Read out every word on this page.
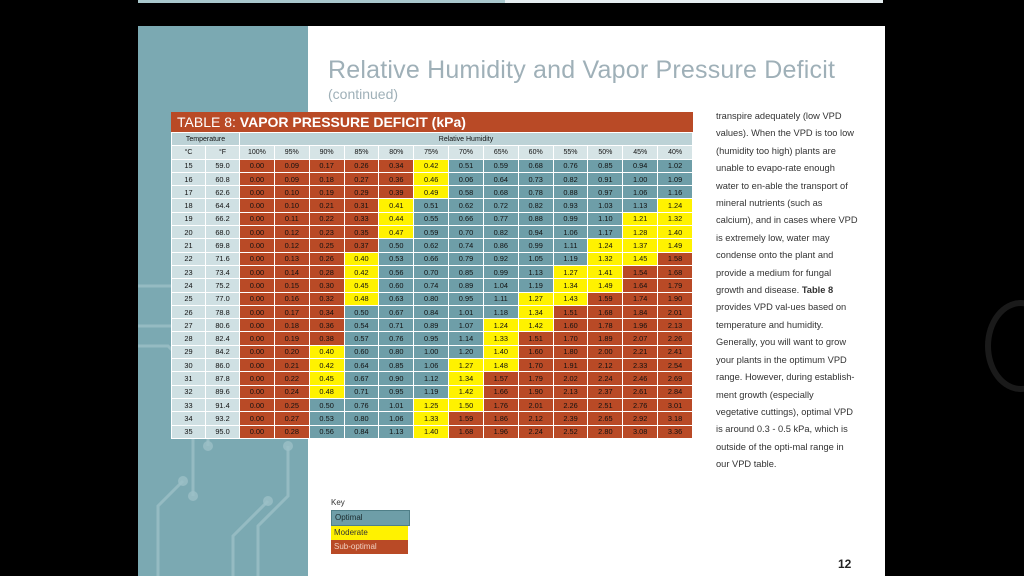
Relative Humidity and Vapor Pressure Deficit
(continued)
TABLE 8: VAPOR PRESSURE DEFICIT (kPa)
Temperature		Relative Humidity												
°C	°F	100%	95%	90%	85%	80%	75%	70%	65%	60%	55%	50%	45%	40%
15	59.0	0.00	0.09	0.17	0.26	0.34	0.42	0.51	0.59	0.68	0.76	0.85	0.94	1.02
16	60.8	0.00	0.09	0.18	0.27	0.36	0.46	0.06	0.64	0.73	0.82	0.91	1.00	1.09
17	62.6	0.00	0.10	0.19	0.29	0.39	0.49	0.58	0.68	0.78	0.88	0.97	1.06	1.16
18	64.4	0.00	0.10	0.21	0.31	0.41	0.51	0.62	0.72	0.82	0.93	1.03	1.13	1.24
19	66.2	0.00	0.11	0.22	0.33	0.44	0.55	0.66	0.77	0.88	0.99	1.10	1.21	1.32
20	68.0	0.00	0.12	0.23	0.35	0.47	0.59	0.70	0.82	0.94	1.06	1.17	1.28	1.40
21	69.8	0.00	0.12	0.25	0.37	0.50	0.62	0.74	0.86	0.99	1.11	1.24	1.37	1.49
22	71.6	0.00	0.13	0.26	0.40	0.53	0.66	0.79	0.92	1.05	1.19	1.32	1.45	1.58
23	73.4	0.00	0.14	0.28	0.42	0.56	0.70	0.85	0.99	1.13	1.27	1.41	1.54	1.68
24	75.2	0.00	0.15	0.30	0.45	0.60	0.74	0.89	1.04	1.19	1.34	1.49	1.64	1.79
25	77.0	0.00	0.16	0.32	0.48	0.63	0.80	0.95	1.11	1.27	1.43	1.59	1.74	1.90
26	78.8	0.00	0.17	0.34	0.50	0.67	0.84	1.01	1.18	1.34	1.51	1.68	1.84	2.01
27	80.6	0.00	0.18	0.36	0.54	0.71	0.89	1.07	1.24	1.42	1.60	1.78	1.96	2.13
28	82.4	0.00	0.19	0.38	0.57	0.76	0.95	1.14	1.33	1.51	1.70	1.89	2.07	2.26
29	84.2	0.00	0.20	0.40	0.60	0.80	1.00	1.20	1.40	1.60	1.80	2.00	2.21	2.41
30	86.0	0.00	0.21	0.42	0.64	0.85	1.06	1.27	1.48	1.70	1.91	2.12	2.33	2.54
31	87.8	0.00	0.22	0.45	0.67	0.90	1.12	1.34	1.57	1.79	2.02	2.24	2.46	2.69
32	89.6	0.00	0.24	0.48	0.71	0.95	1.19	1.42	1.66	1.90	2.13	2.37	2.61	2.84
33	91.4	0.00	0.25	0.50	0.76	1.01	1.25	1.50	1.76	2.01	2.26	2.51	2.76	3.01
34	93.2	0.00	0.27	0.53	0.80	1.06	1.33	1.59	1.86	2.12	2.39	2.65	2.92	3.18
35	95.0	0.00	0.28	0.56	0.84	1.13	1.40	1.68	1.96	2.24	2.52	2.80	3.08	3.36
Key
Optimal
Moderate
Sub-optimal
transpire adequately (low VPD values). When the VPD is too low (humidity too high) plants are unable to evapo-rate enough water to en-able the transport of mineral nutrients (such as calcium), and in cases where VPD is extremely low, water may condense onto the plant and provide a medium for fungal growth and disease. Table 8 provides VPD val-ues based on temperature and humidity. Generally, you will want to grow your plants in the optimum VPD range. However, during establish-ment growth (especially vegetative cuttings), optimal VPD is around 0.3 - 0.5 kPa, which is outside of the opti-mal range in our VPD table.
12
